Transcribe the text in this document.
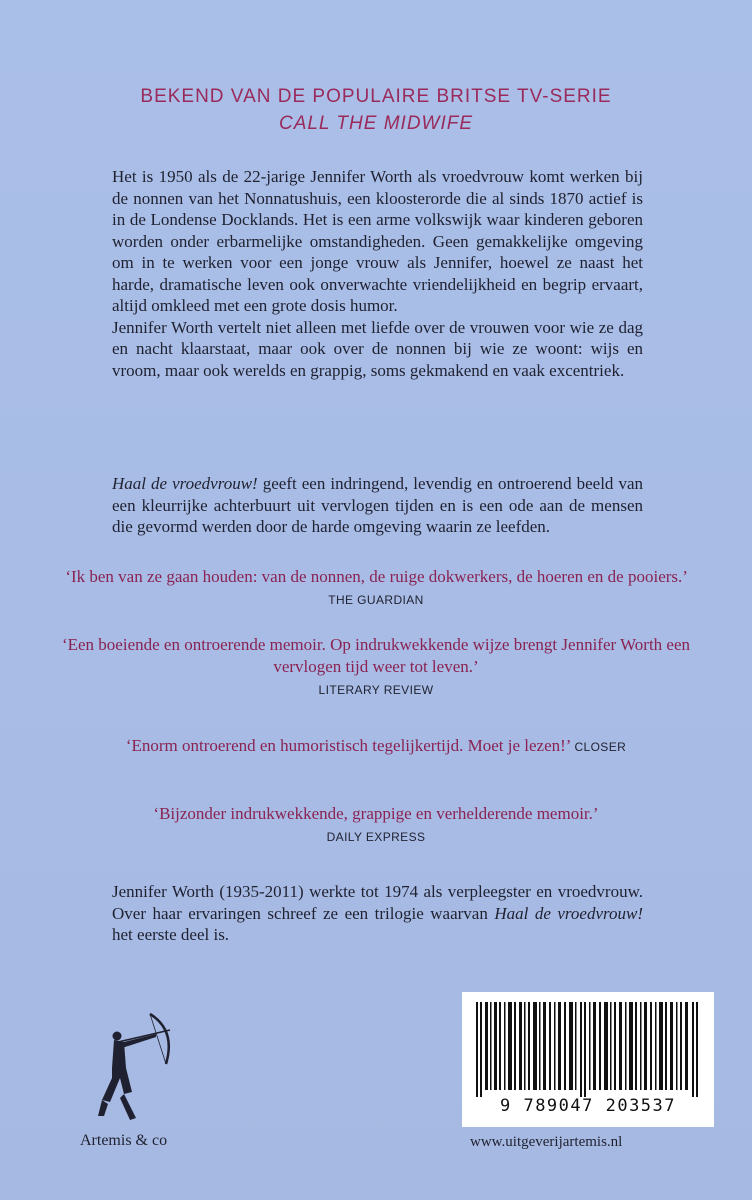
BEKEND VAN DE POPULAIRE BRITSE TV-SERIE
CALL THE MIDWIFE
Het is 1950 als de 22-jarige Jennifer Worth als vroedvrouw komt werken bij de nonnen van het Nonnatushuis, een kloosterorde die al sinds 1870 actief is in de Londense Docklands. Het is een arme volkswijk waar kinderen geboren worden onder erbarmelijke omstandigheden. Geen gemakkelijke omgeving om in te werken voor een jonge vrouw als Jennifer, hoewel ze naast het harde, dramatische leven ook onverwachte vriendelijkheid en begrip ervaart, altijd omkleed met een grote dosis humor.
Jennifer Worth vertelt niet alleen met liefde over de vrouwen voor wie ze dag en nacht klaarstaat, maar ook over de nonnen bij wie ze woont: wijs en vroom, maar ook werelds en grappig, soms gekmakend en vaak excentriek.
Haal de vroedvrouw! geeft een indringend, levendig en ontroerend beeld van een kleurrijke achterbuurt uit vervlogen tijden en is een ode aan de mensen die gevormd werden door de harde omgeving waarin ze leefden.
‘Ik ben van ze gaan houden: van de nonnen, de ruige dokwerkers, de hoeren en de pooiers.’ THE GUARDIAN
‘Een boeiende en ontroerende memoir. Op indrukwekkende wijze brengt Jennifer Worth een vervlogen tijd weer tot leven.’
LITERARY REVIEW
‘Enorm ontroerend en humoristisch tegelijkertijd. Moet je lezen!’ CLOSER
‘Bijzonder indrukwekkende, grappige en verhelderende memoir.’
DAILY EXPRESS
Jennifer Worth (1935-2011) werkte tot 1974 als verpleegster en vroedvrouw. Over haar ervaringen schreef ze een trilogie waarvan Haal de vroedvrouw! het eerste deel is.
Artemis & co
9 789047 203537
www.uitgeverijartemis.nl
